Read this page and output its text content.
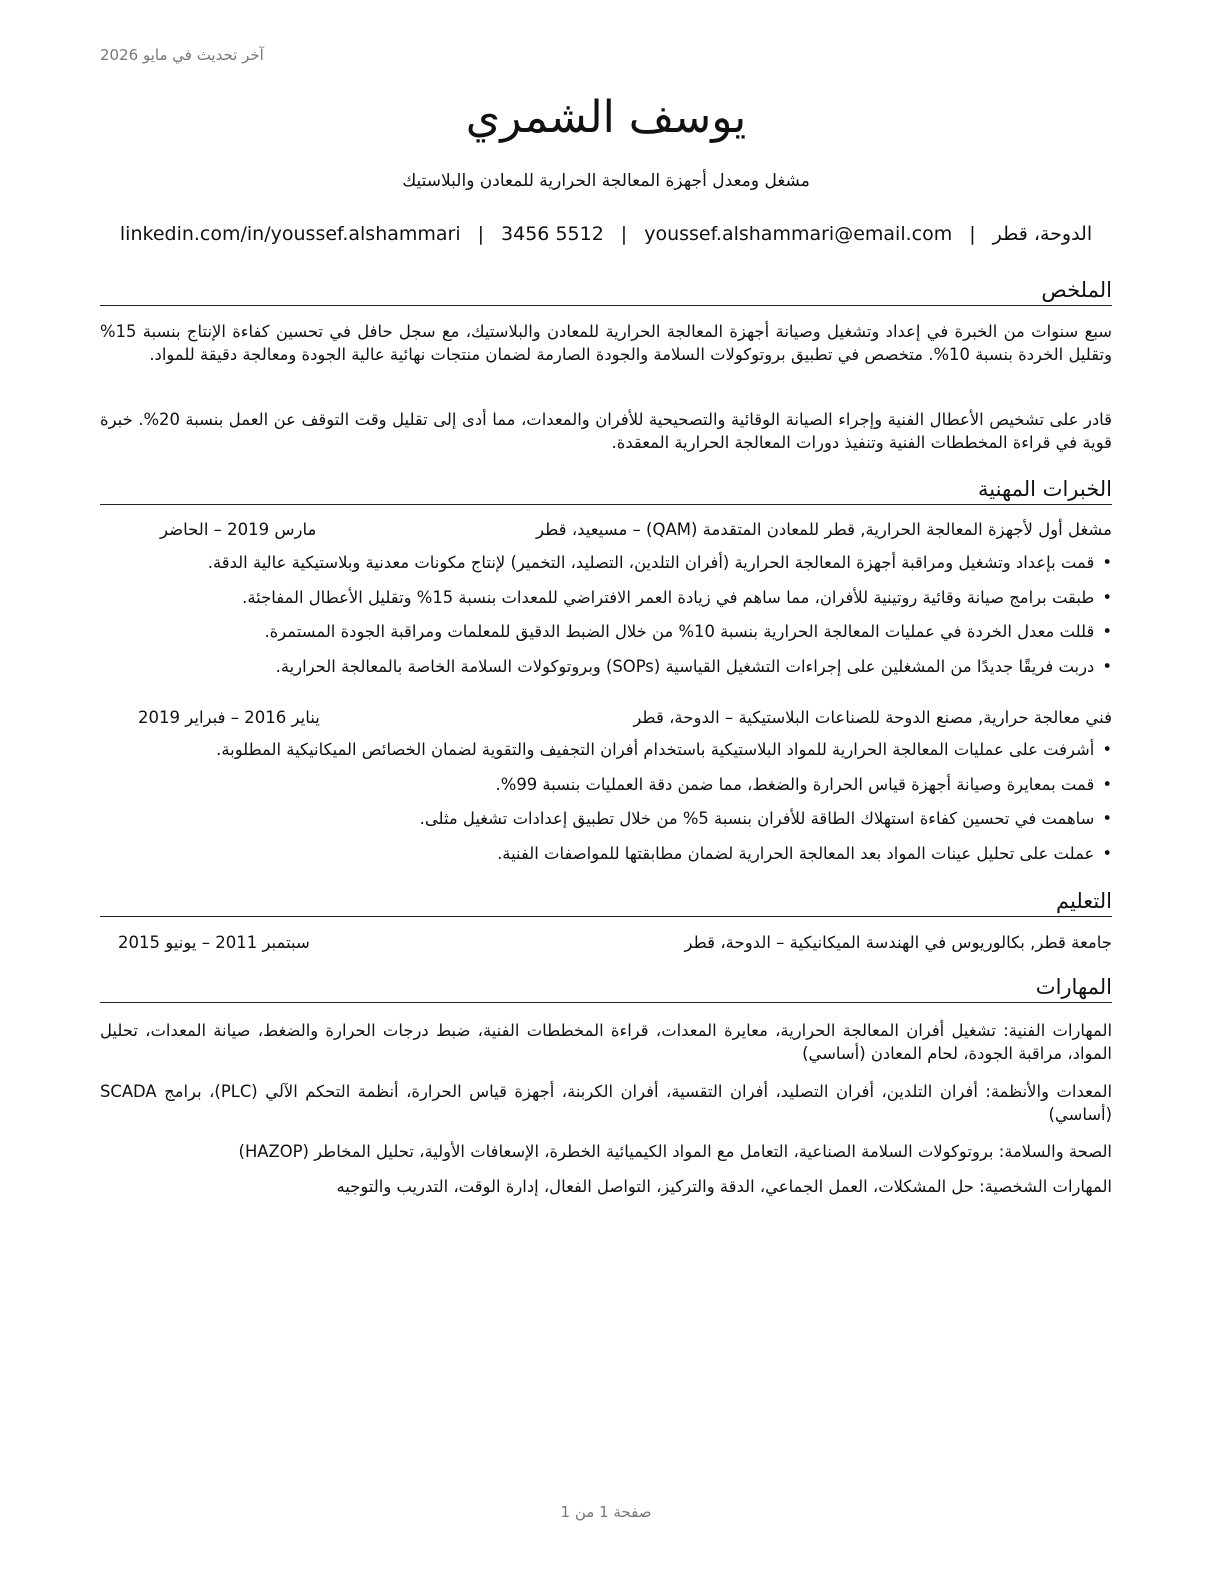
آخر تحديث في مايو 2026
يوسف الشمري
مشغل ومعدل أجهزة المعالجة الحرارية للمعادن والبلاستيك
الدوحة، قطر
|
youssef.alshammari@email.com
|
3456 5512
|
linkedin.com/in/youssef.alshammari
الملخص
سبع سنوات من الخبرة في إعداد وتشغيل وصيانة أجهزة المعالجة الحرارية للمعادن والبلاستيك، مع سجل حافل في تحسين كفاءة الإنتاج بنسبة 15% وتقليل الخردة بنسبة 10%. متخصص في تطبيق بروتوكولات السلامة والجودة الصارمة لضمان منتجات نهائية عالية الجودة ومعالجة دقيقة للمواد.
قادر على تشخيص الأعطال الفنية وإجراء الصيانة الوقائية والتصحيحية للأفران والمعدات، مما أدى إلى تقليل وقت التوقف عن العمل بنسبة 20%. خبرة قوية في قراءة المخططات الفنية وتنفيذ دورات المعالجة الحرارية المعقدة.
الخبرات المهنية
مشغل أول لأجهزة المعالجة الحرارية, قطر للمعادن المتقدمة (QAM) – مسيعيد، قطر
مارس 2019 – الحاضر
•قمت بإعداد وتشغيل ومراقبة أجهزة المعالجة الحرارية (أفران التلدين، التصليد، التخمير) لإنتاج مكونات معدنية وبلاستيكية عالية الدقة.
•طبقت برامج صيانة وقائية روتينية للأفران، مما ساهم في زيادة العمر الافتراضي للمعدات بنسبة 15% وتقليل الأعطال المفاجئة.
•قللت معدل الخردة في عمليات المعالجة الحرارية بنسبة 10% من خلال الضبط الدقيق للمعلمات ومراقبة الجودة المستمرة.
•دربت فريقًا جديدًا من المشغلين على إجراءات التشغيل القياسية (SOPs) وبروتوكولات السلامة الخاصة بالمعالجة الحرارية.
فني معالجة حرارية, مصنع الدوحة للصناعات البلاستيكية – الدوحة، قطر
يناير 2016 – فبراير 2019
•أشرفت على عمليات المعالجة الحرارية للمواد البلاستيكية باستخدام أفران التجفيف والتقوية لضمان الخصائص الميكانيكية المطلوبة.
•قمت بمعايرة وصيانة أجهزة قياس الحرارة والضغط، مما ضمن دقة العمليات بنسبة 99%.
•ساهمت في تحسين كفاءة استهلاك الطاقة للأفران بنسبة 5% من خلال تطبيق إعدادات تشغيل مثلى.
•عملت على تحليل عينات المواد بعد المعالجة الحرارية لضمان مطابقتها للمواصفات الفنية.
التعليم
جامعة قطر, بكالوريوس في الهندسة الميكانيكية – الدوحة، قطر
سبتمبر 2011 – يونيو 2015
المهارات
المهارات الفنية: تشغيل أفران المعالجة الحرارية، معايرة المعدات، قراءة المخططات الفنية، ضبط درجات الحرارة والضغط، صيانة المعدات، تحليل المواد، مراقبة الجودة، لحام المعادن (أساسي)
المعدات والأنظمة: أفران التلدين، أفران التصليد، أفران التقسية، أفران الكربنة، أجهزة قياس الحرارة، أنظمة التحكم الآلي (PLC)، برامج SCADA (أساسي)
الصحة والسلامة: بروتوكولات السلامة الصناعية، التعامل مع المواد الكيميائية الخطرة، الإسعافات الأولية، تحليل المخاطر (HAZOP)
المهارات الشخصية: حل المشكلات، العمل الجماعي، الدقة والتركيز، التواصل الفعال، إدارة الوقت، التدريب والتوجيه
صفحة 1 من 1
